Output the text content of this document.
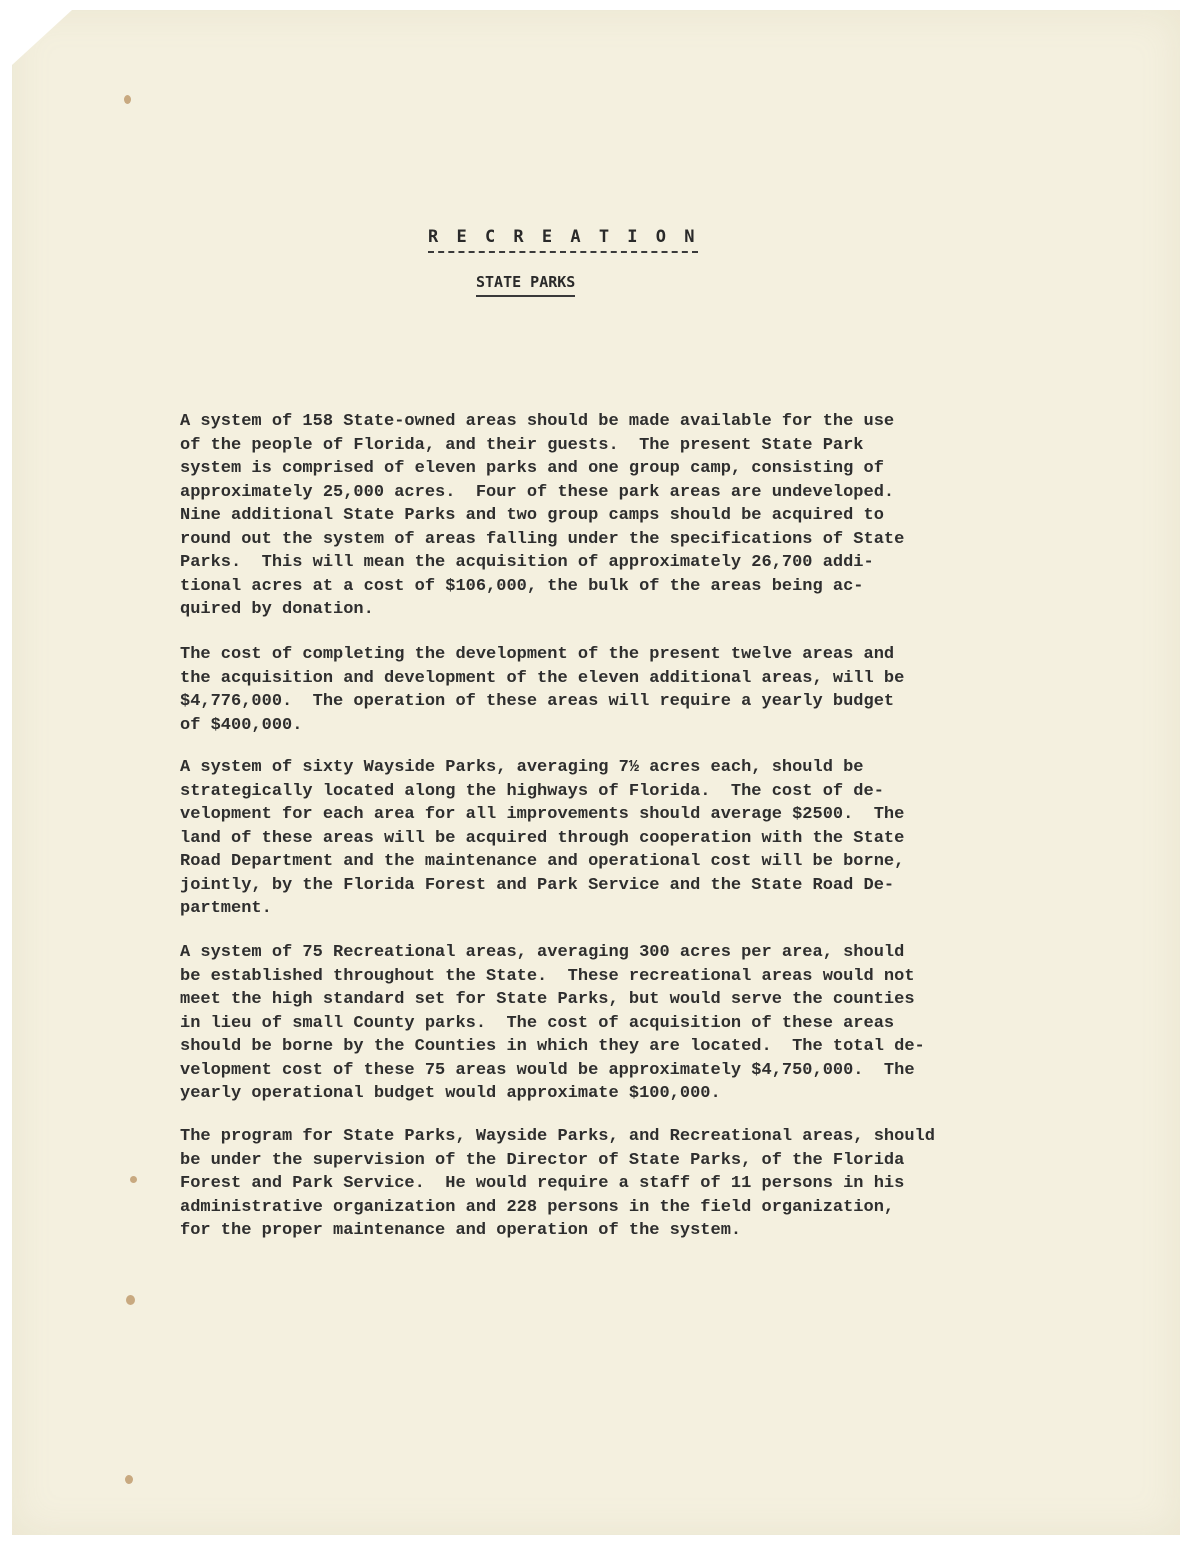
R E C R E A T I O N
STATE PARKS

A system of 158 State-owned areas should be made available for the use
of the people of Florida, and their guests.  The present State Park
system is comprised of eleven parks and one group camp, consisting of
approximately 25,000 acres.  Four of these park areas are undeveloped.
Nine additional State Parks and two group camps should be acquired to
round out the system of areas falling under the specifications of State
Parks.  This will mean the acquisition of approximately 26,700 addi-
tional acres at a cost of $106,000, the bulk of the areas being ac-
quired by donation.

The cost of completing the development of the present twelve areas and
the acquisition and development of the eleven additional areas, will be
$4,776,000.  The operation of these areas will require a yearly budget
of $400,000.

A system of sixty Wayside Parks, averaging 7½ acres each, should be
strategically located along the highways of Florida.  The cost of de-
velopment for each area for all improvements should average $2500.  The
land of these areas will be acquired through cooperation with the State
Road Department and the maintenance and operational cost will be borne,
jointly, by the Florida Forest and Park Service and the State Road De-
partment.

A system of 75 Recreational areas, averaging 300 acres per area, should
be established throughout the State.  These recreational areas would not
meet the high standard set for State Parks, but would serve the counties
in lieu of small County parks.  The cost of acquisition of these areas
should be borne by the Counties in which they are located.  The total de-
velopment cost of these 75 areas would be approximately $4,750,000.  The
yearly operational budget would approximate $100,000.

The program for State Parks, Wayside Parks, and Recreational areas, should
be under the supervision of the Director of State Parks, of the Florida
Forest and Park Service.  He would require a staff of 11 persons in his
administrative organization and 228 persons in the field organization,
for the proper maintenance and operation of the system.
